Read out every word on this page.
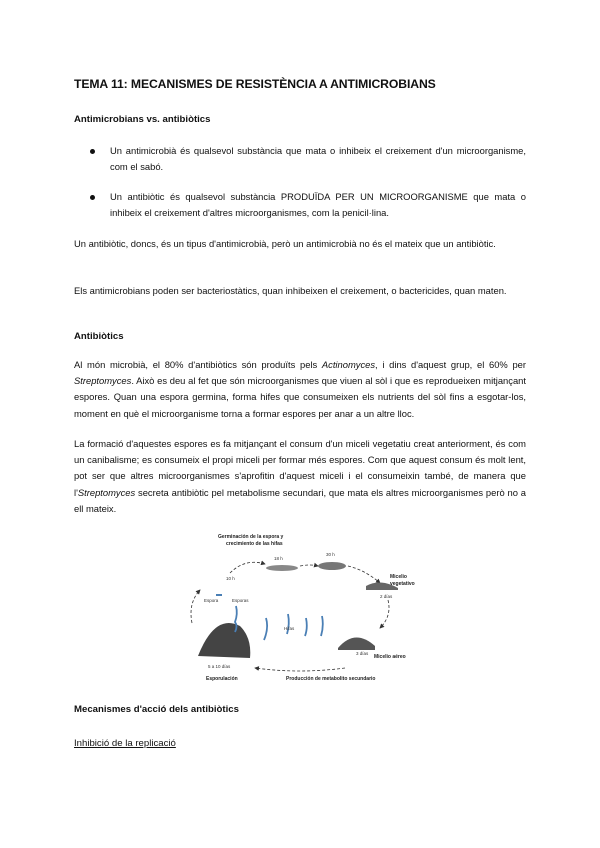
TEMA 11: MECANISMES DE RESISTÈNCIA A ANTIMICROBIANS
Antimicrobians vs. antibiòtics
Un antimicrobià és qualsevol substància que mata o inhibeix el creixement d'un microorganisme, com el sabó.
Un antibiòtic és qualsevol substància PRODUÏDA PER UN MICROORGANISME que mata o inhibeix el creixement d'altres microorganismes, com la penicil·lina.
Un antibiòtic, doncs, és un tipus d'antimicrobià, però un antimicrobià no és el mateix que un antibiòtic.
Els antimicrobians poden ser bacteriostàtics, quan inhibeixen el creixement, o bactericides, quan maten.
Antibiòtics
Al món microbià, el 80% d'antibiòtics són produïts pels Actinomyces, i dins d'aquest grup, el 60% per Streptomyces. Això es deu al fet que són microorganismes que viuen al sòl i que es reprodueixen mitjançant espores. Quan una espora germina, forma hifes que consumeixen els nutrients del sòl fins a esgotar-los, moment en què el microorganisme torna a formar espores per anar a un altre lloc.
La formació d'aquestes espores es fa mitjançant el consum d'un miceli vegetatiu creat anteriorment, és com un canibalisme; es consumeix el propi miceli per formar més espores. Com que aquest consum és molt lent, pot ser que altres microorganismes s'aprofitin d'aquest miceli i el consumeixin també, de manera que l'Streptomyces secreta antibiòtic pel metabolisme secundari, que mata els altres microorganismes però no a ell mateix.
Germinación de la espora y
crecimiento de las hifas
18 h
30 h
10 h	Micelio
vegetativo
2 días
Espora	Esporas
Hifas
3 días
Micelio aéreo
5 a 10 días
Esporulación	Producción de metabolito secundario
Mecanismes d'acció dels antibiòtics
Inhibició de la replicació
